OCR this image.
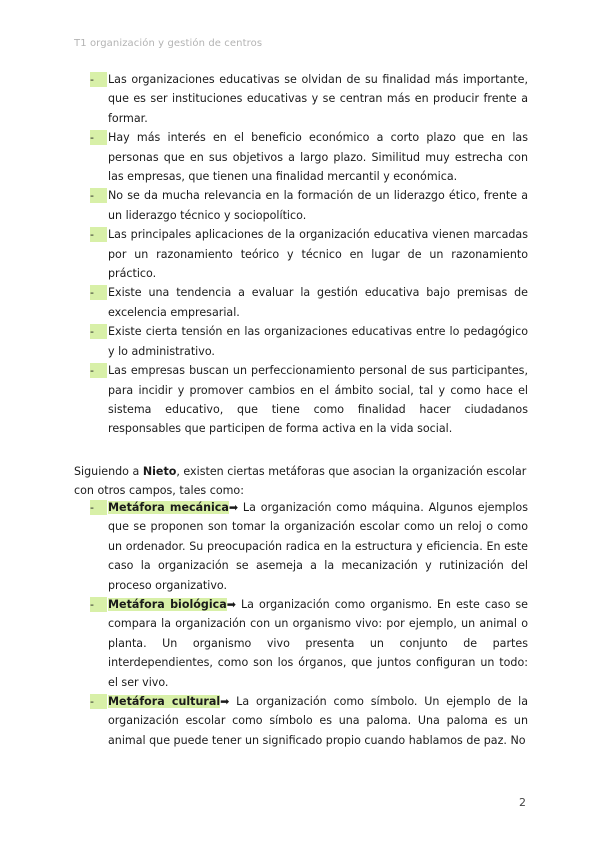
T1 organización y gestión de centros
-	Las organizaciones educativas se olvidan de su finalidad más importante, que es ser instituciones educativas y se centran más en producir frente a formar.
-	Hay más interés en el beneficio económico a corto plazo que en las personas que en sus objetivos a largo plazo. Similitud muy estrecha con las empresas, que tienen una finalidad mercantil y económica.
-	No se da mucha relevancia en la formación de un liderazgo ético, frente a un liderazgo técnico y sociopolítico.
-	Las principales aplicaciones de la organización educativa vienen marcadas por un razonamiento teórico y técnico en lugar de un razonamiento práctico.
-	Existe una tendencia a evaluar la gestión educativa bajo premisas de excelencia empresarial.
-	Existe cierta tensión en las organizaciones educativas entre lo pedagógico y lo administrativo.
-	Las empresas buscan un perfeccionamiento personal de sus participantes, para incidir y promover cambios en el ámbito social, tal y como hace el sistema educativo, que tiene como finalidad hacer ciudadanos responsables que participen de forma activa en la vida social.

Siguiendo a Nieto, existen ciertas metáforas que asocian la organización escolar con otros campos, tales como:

-	Metáfora mecánica➡ La organización como máquina. Algunos ejemplos que se proponen son tomar la organización escolar como un reloj o como un ordenador. Su preocupación radica en la estructura y eficiencia. En este caso la organización se asemeja a la mecanización y rutinización del proceso organizativo.
-	Metáfora biológica➡ La organización como organismo. En este caso se compara la organización con un organismo vivo: por ejemplo, un animal o planta. Un organismo vivo presenta un conjunto de partes interdependientes, como son los órganos, que juntos configuran un todo: el ser vivo.
-	Metáfora cultural➡ La organización como símbolo. Un ejemplo de la organización escolar como símbolo es una paloma. Una paloma es un animal que puede tener un significado propio cuando hablamos de paz. No
2
